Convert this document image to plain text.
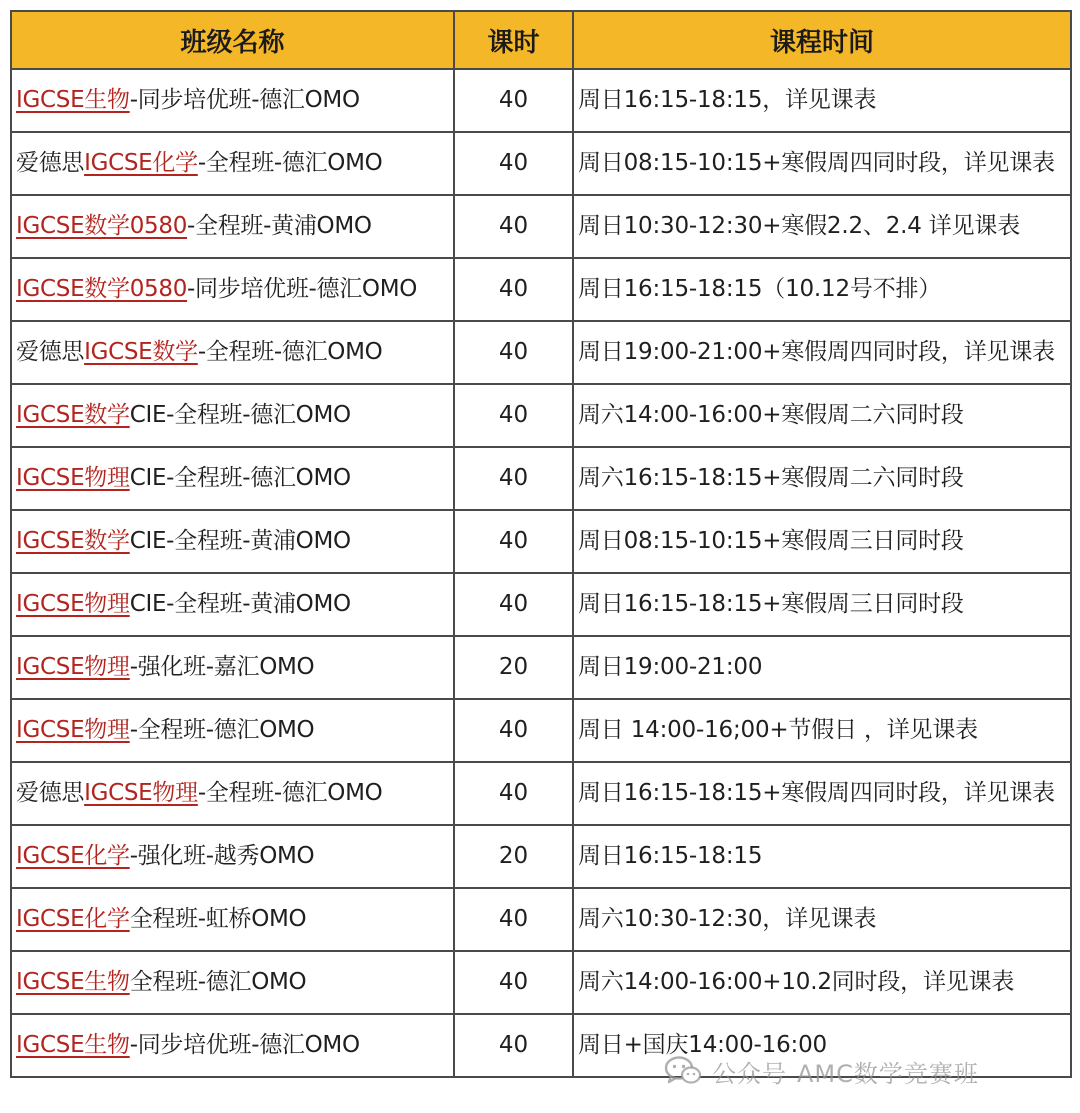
班级名称	课时	课程时间
IGCSE生物-同步培优班-德汇OMO	40	周日16:15-18:15，详见课表
爱德思IGCSE化学-全程班-德汇OMO	40	周日08:15-10:15+寒假周四同时段，详见课表
IGCSE数学0580-全程班-黄浦OMO	40	周日10:30-12:30+寒假2.2、2.4 详见课表
IGCSE数学0580-同步培优班-德汇OMO	40	周日16:15-18:15（10.12号不排）
爱德思IGCSE数学-全程班-德汇OMO	40	周日19:00-21:00+寒假周四同时段，详见课表
IGCSE数学CIE-全程班-德汇OMO	40	周六14:00-16:00+寒假周二六同时段
IGCSE物理CIE-全程班-德汇OMO	40	周六16:15-18:15+寒假周二六同时段
IGCSE数学CIE-全程班-黄浦OMO	40	周日08:15-10:15+寒假周三日同时段
IGCSE物理CIE-全程班-黄浦OMO	40	周日16:15-18:15+寒假周三日同时段
IGCSE物理-强化班-嘉汇OMO	20	周日19:00-21:00
IGCSE物理-全程班-德汇OMO	40	周日 14:00-16;00+节假日 ，详见课表
爱德思IGCSE物理-全程班-德汇OMO	40	周日16:15-18:15+寒假周四同时段，详见课表
IGCSE化学-强化班-越秀OMO	20	周日16:15-18:15
IGCSE化学全程班-虹桥OMO	40	周六10:30-12:30，详见课表
IGCSE生物全程班-德汇OMO	40	周六14:00-16:00+10.2同时段，详见课表
IGCSE生物-同步培优班-德汇OMO	40	周日+国庆14:00-16:00
公众号 AMC数学竞赛班
